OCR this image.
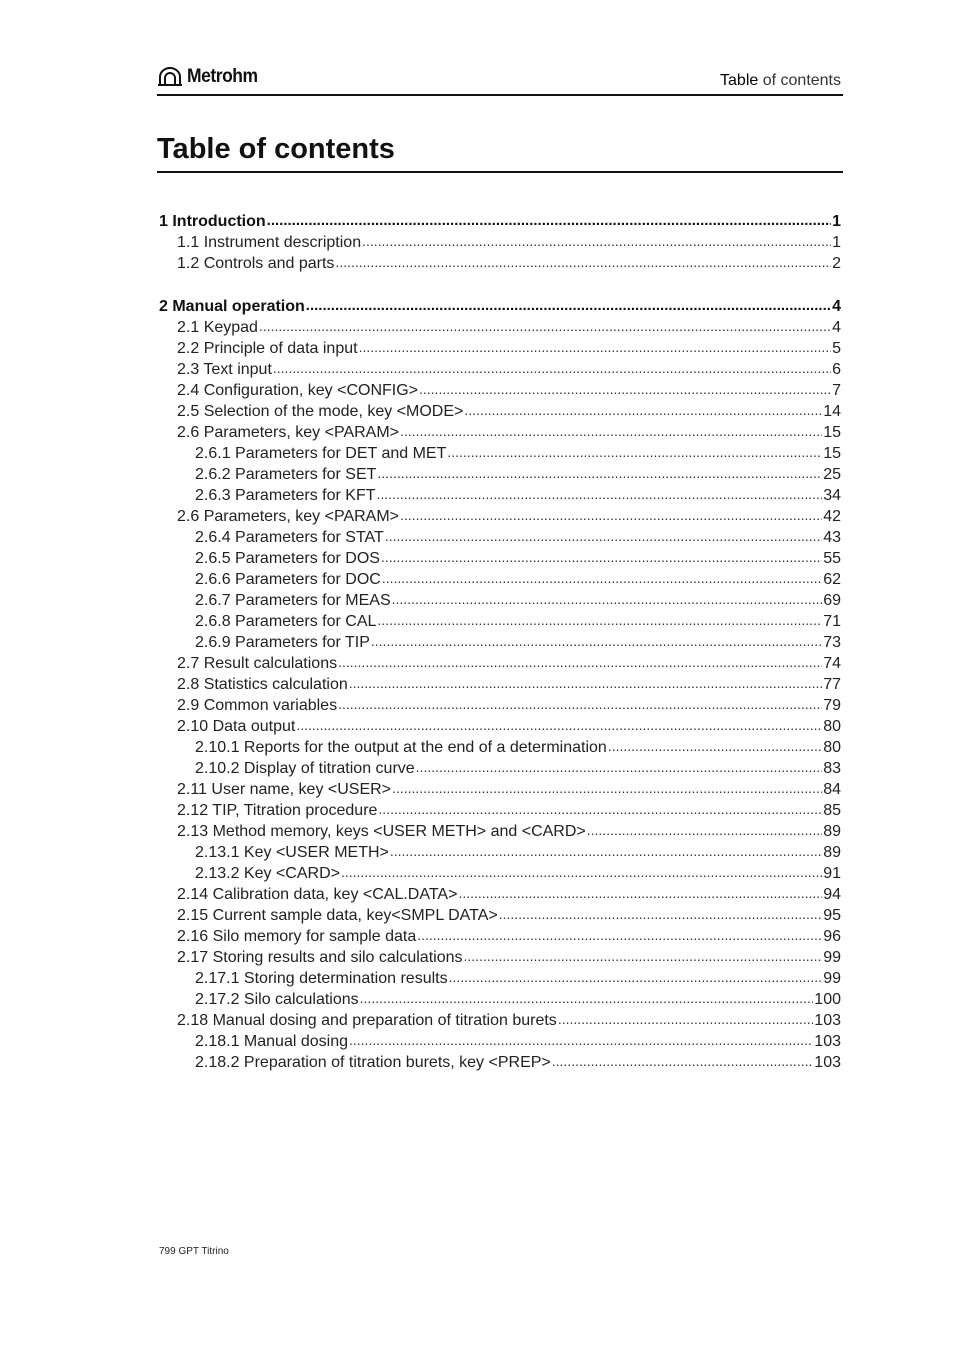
Metrohm	Table of contents
Table of contents
1 Introduction .....	1
1.1 Instrument description .....	1
1.2 Controls and parts .....	2
2 Manual operation .....	4
2.1 Keypad .....	4
2.2 Principle of data input .....	5
2.3 Text input .....	6
2.4 Configuration, key <CONFIG> .....	7
2.5 Selection of the mode, key <MODE> .....	14
2.6 Parameters, key <PARAM> .....	15
2.6.1 Parameters for DET and MET .....	15
2.6.2 Parameters for SET .....	25
2.6.3 Parameters for KFT .....	34
2.6 Parameters, key <PARAM> .....	42
2.6.4 Parameters for STAT .....	43
2.6.5 Parameters for DOS .....	55
2.6.6 Parameters for DOC .....	62
2.6.7 Parameters for MEAS .....	69
2.6.8 Parameters for CAL .....	71
2.6.9 Parameters for TIP .....	73
2.7 Result calculations .....	74
2.8 Statistics calculation .....	77
2.9 Common variables .....	79
2.10 Data output .....	80
2.10.1 Reports for the output at the end of a determination .....	80
2.10.2 Display of titration curve .....	83
2.11 User name, key <USER> .....	84
2.12 TIP, Titration procedure .....	85
2.13 Method memory, keys <USER METH> and <CARD> .....	89
2.13.1 Key <USER METH> .....	89
2.13.2 Key <CARD> .....	91
2.14 Calibration data, key <CAL.DATA> .....	94
2.15 Current sample data, key<SMPL DATA> .....	95
2.16 Silo memory for sample data .....	96
2.17 Storing results and silo calculations .....	99
2.17.1 Storing determination results .....	99
2.17.2 Silo calculations .....	100
2.18 Manual dosing and preparation of titration burets .....	103
2.18.1 Manual dosing .....	103
2.18.2 Preparation of titration burets, key <PREP> .....	103
799 GPT Titrino
